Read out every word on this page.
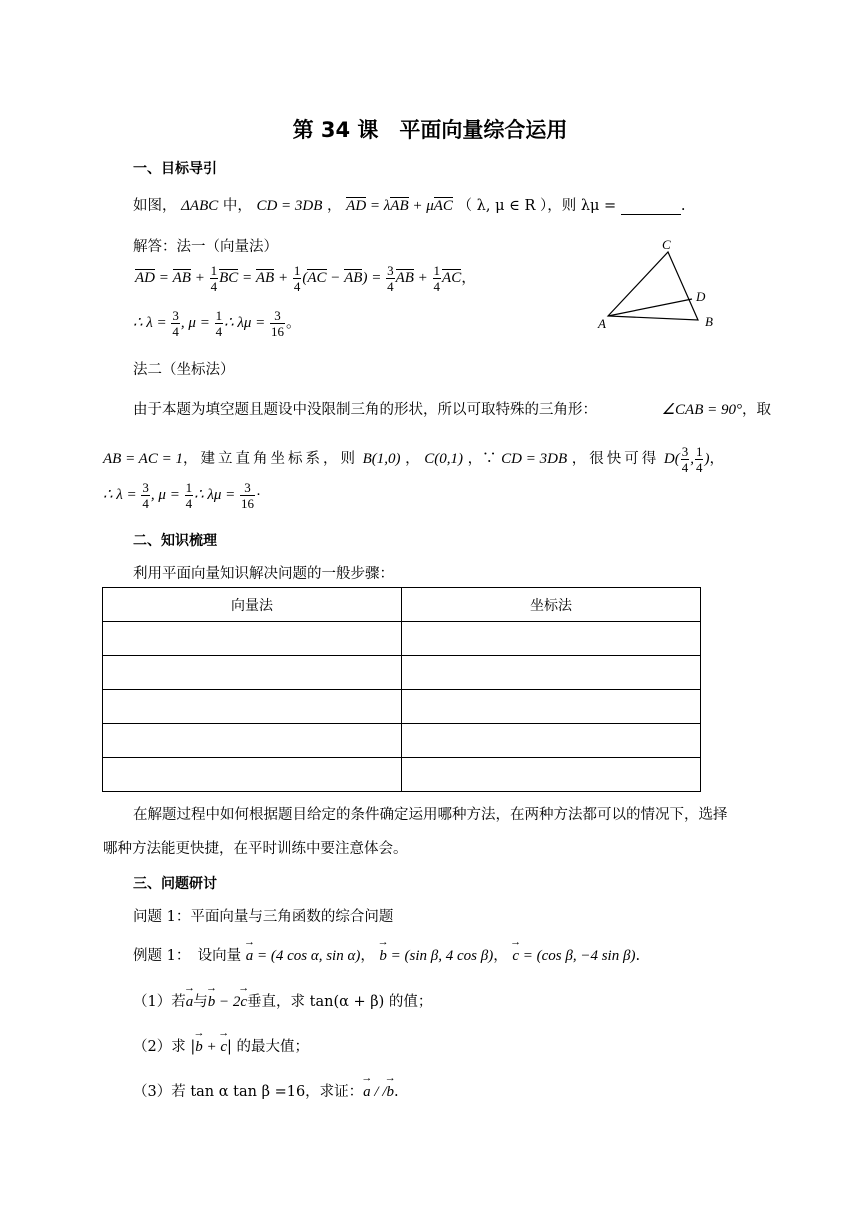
第 34 课　平面向量综合运用
一、目标导引
如图， ΔABC 中， CD = 3DB ， AD = λAB + μAC （ λ, μ ∈ R ），则 λμ =	.
解答：法一（向量法）
AD = AB + $\frac{1}{4}$ BC = AB + $\frac{1}{4} (AC - AB) = \frac{3}{4}$ AB + $\frac{1}{4}$ AC，
∴ $\lambda = \frac{3}{4}$ , $\mu = \frac{1}{4}$ ∴ $\lambda\mu = \frac{3}{16}$ 。
C
D
A	B
法二（坐标法）
由于本题为填空题且题设中没限制三角的形状，所以可取特殊的三角形：	∠CAB = 90°，取
AB = AC = 1，建立直角坐标系，则 B(1,0) ， C(0,1) ，∵ CD = 3DB ，很快可得 $D( \frac{3}{4}$ , $\frac{1}{4}$ )，
∴ $\lambda = \frac{3}{4}$ , $\mu = \frac{1}{4}$ ∴ $\lambda\mu = \frac{3}{16}$ ·
二、知识梳理
利用平面向量知识解决问题的一般步骤：
向量法	坐标法

在解题过程中如何根据题目给定的条件确定运用哪种方法，在两种方法都可以的情况下，选择
哪种方法能更快捷，在平时训练中要注意体会。
三、问题研讨
问题 1：平面向量与三角函数的综合问题
例题 1：　设向量 → a = (4 cos α, sin α)， → b = (sin β, 4 cos β)， → c = (cos β, −4 sin β).
（1）若→ a与→ b − 2→ c垂直，求 tan(α + β) 的值；
（2）求 |→ b + → c| 的最大值；
（3）若 tan α tan β =16，求证：→ a / /→ b.
